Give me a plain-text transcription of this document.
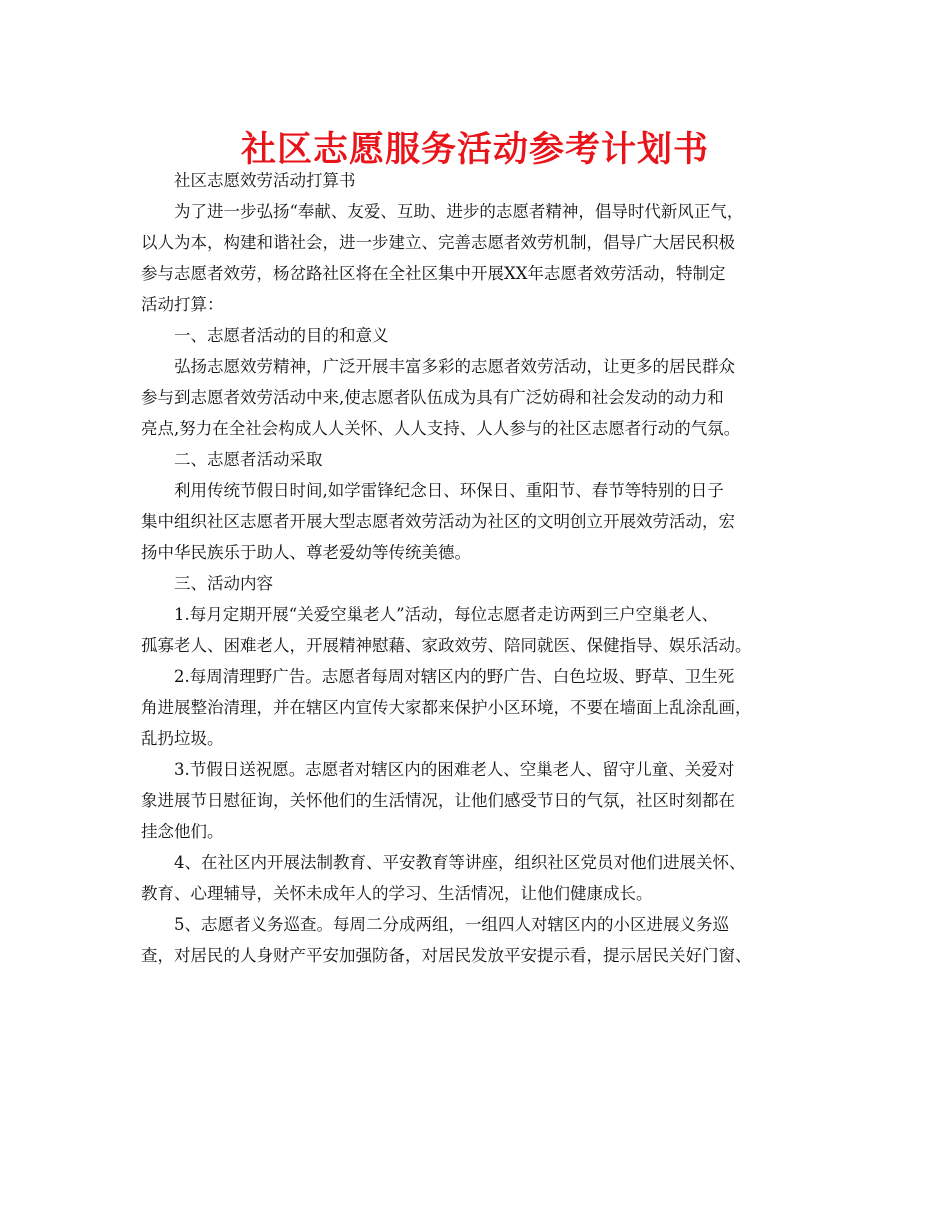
社区志愿服务活动参考计划书

社区志愿效劳活动打算书

为了进一步弘扬“奉献、友爱、互助、进步的志愿者精神，倡导时代新风正气，
以人为本，构建和谐社会，进一步建立、完善志愿者效劳机制，倡导广大居民积极
参与志愿者效劳，杨岔路社区将在全社区集中开展XX年志愿者效劳活动，特制定
活动打算：

一、志愿者活动的目的和意义

弘扬志愿效劳精神，广泛开展丰富多彩的志愿者效劳活动，让更多的居民群众
参与到志愿者效劳活动中来,使志愿者队伍成为具有广泛妨碍和社会发动的动力和
亮点,努力在全社会构成人人关怀、人人支持、人人参与的社区志愿者行动的气氛。

二、志愿者活动采取

利用传统节假日时间,如学雷锋纪念日、环保日、重阳节、春节等特别的日子
集中组织社区志愿者开展大型志愿者效劳活动为社区的文明创立开展效劳活动，宏
扬中华民族乐于助人、尊老爱幼等传统美德。

三、活动内容

1.每月定期开展“关爱空巢老人”活动，每位志愿者走访两到三户空巢老人、
孤寡老人、困难老人，开展精神慰藉、家政效劳、陪同就医、保健指导、娱乐活动。

2.每周清理野广告。志愿者每周对辖区内的野广告、白色垃圾、野草、卫生死
角进展整治清理，并在辖区内宣传大家都来保护小区环境，不要在墙面上乱涂乱画，
乱扔垃圾。

3.节假日送祝愿。志愿者对辖区内的困难老人、空巢老人、留守儿童、关爱对
象进展节日慰征询，关怀他们的生活情况，让他们感受节日的气氛，社区时刻都在
挂念他们。

4、在社区内开展法制教育、平安教育等讲座，组织社区党员对他们进展关怀、
教育、心理辅导，关怀未成年人的学习、生活情况，让他们健康成长。

5、志愿者义务巡查。每周二分成两组，一组四人对辖区内的小区进展义务巡
查，对居民的人身财产平安加强防备，对居民发放平安提示看，提示居民关好门窗、
